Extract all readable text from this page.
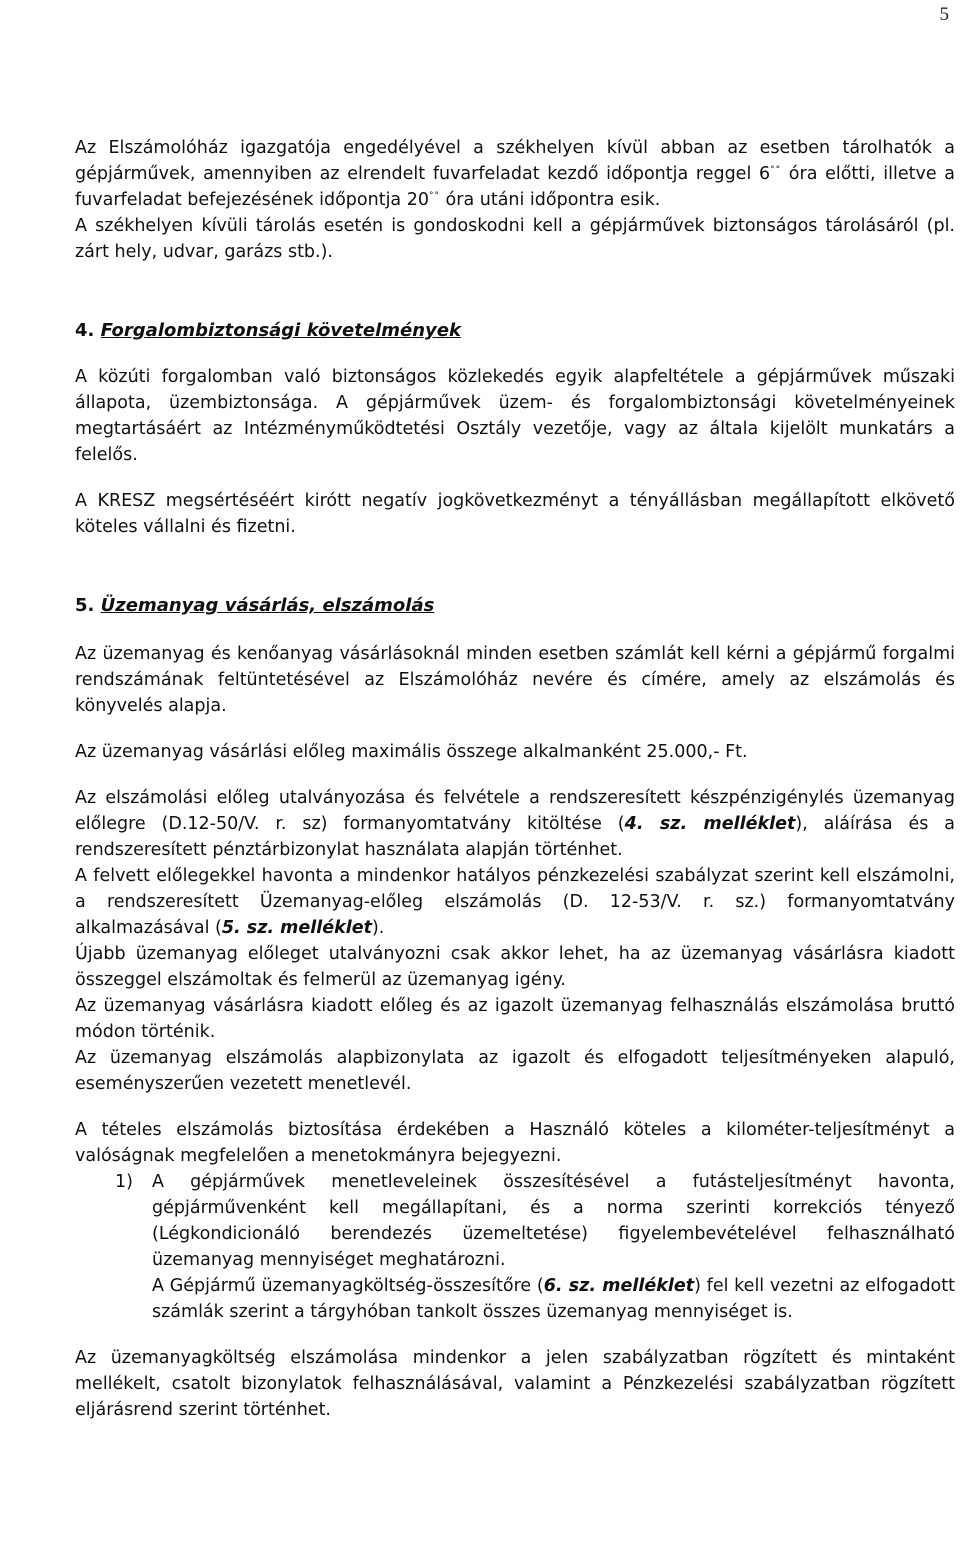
5

Az Elszámolóház igazgatója engedélyével a székhelyen kívül abban az esetben tárolhatók a gépjárművek, amennyiben az elrendelt fuvarfeladat kezdő időpontja reggel 6°° óra előtti, illetve a fuvarfeladat befejezésének időpontja 20°° óra utáni időpontra esik.

A székhelyen kívüli tárolás esetén is gondoskodni kell a gépjárművek biztonságos tárolásáról (pl. zárt hely, udvar, garázs stb.).

4. Forgalombiztonsági követelmények

A közúti forgalomban való biztonságos közlekedés egyik alapfeltétele a gépjárművek műszaki állapota, üzembiztonsága. A gépjárművek üzem- és forgalombiztonsági követelményeinek megtartásáért az Intézményműködtetési Osztály vezetője, vagy az általa kijelölt munkatárs a felelős.

A KRESZ megsértéséért kirótt negatív jogkövetkezményt a tényállásban megállapított elkövető köteles vállalni és fizetni.

5. Üzemanyag vásárlás, elszámolás

Az üzemanyag és kenőanyag vásárlásoknál minden esetben számlát kell kérni a gépjármű forgalmi rendszámának feltüntetésével az Elszámolóház nevére és címére, amely az elszámolás és könyvelés alapja.

Az üzemanyag vásárlási előleg maximális összege alkalmanként 25.000,- Ft.

Az elszámolási előleg utalványozása és felvétele a rendszeresített készpénzigénylés üzemanyag előlegre (D.12-50/V. r. sz) formanyomtatvány kitöltése (4. sz. melléklet), aláírása és a rendszeresített pénztárbizonylat használata alapján történhet.

A felvett előlegekkel havonta a mindenkor hatályos pénzkezelési szabályzat szerint kell elszámolni, a rendszeresített Üzemanyag-előleg elszámolás (D. 12-53/V. r. sz.) formanyomtatvány alkalmazásával (5. sz. melléklet).

Újabb üzemanyag előleget utalványozni csak akkor lehet, ha az üzemanyag vásárlásra kiadott összeggel elszámoltak és felmerül az üzemanyag igény.

Az üzemanyag vásárlásra kiadott előleg és az igazolt üzemanyag felhasználás elszámolása bruttó módon történik.

Az üzemanyag elszámolás alapbizonylata az igazolt és elfogadott teljesítményeken alapuló, eseményszerűen vezetett menetlevél.

A tételes elszámolás biztosítása érdekében a Használó köteles a kilométer-teljesítményt a valóságnak megfelelően a menetokmányra bejegyezni.

1)	A gépjárművek menetleveleinek összesítésével a futásteljesítményt havonta, gépjárművenként kell megállapítani, és a norma szerinti korrekciós tényező (Légkondicionáló berendezés üzemeltetése) figyelembevételével felhasználható üzemanyag mennyiséget meghatározni.

A Gépjármű üzemanyagköltség-összesítőre (6. sz. melléklet) fel kell vezetni az elfogadott számlák szerint a tárgyhóban tankolt összes üzemanyag mennyiséget is.

Az üzemanyagköltség elszámolása mindenkor a jelen szabályzatban rögzített és mintaként mellékelt, csatolt bizonylatok felhasználásával, valamint a Pénzkezelési szabályzatban rögzített eljárásrend szerint történhet.
